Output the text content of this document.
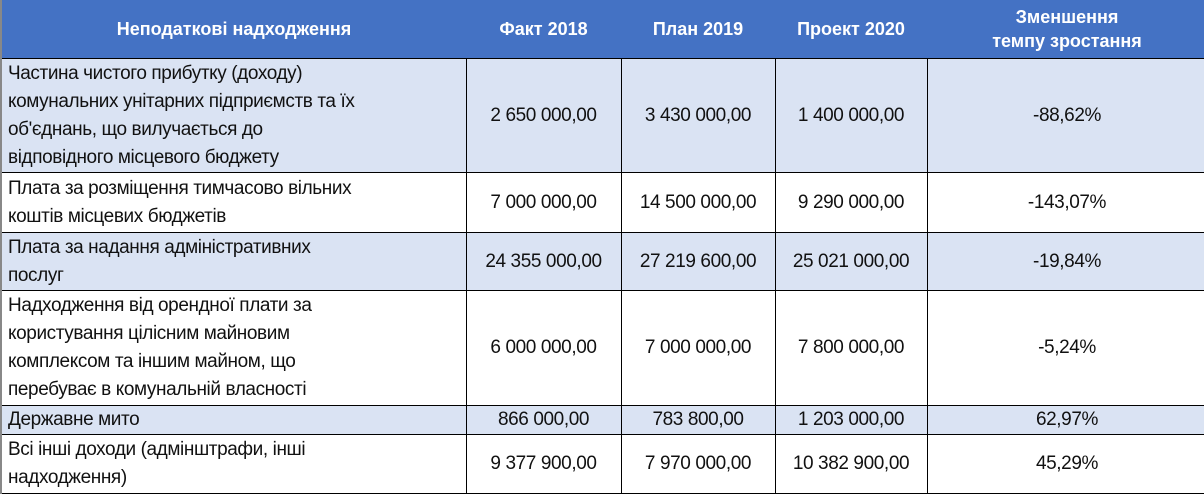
Неподаткові надходження	Факт 2018	План 2019	Проект 2020	Зменшення темпу зростання
Частина чистого прибутку (доходу)
комунальних унітарних підприємств та їх
об'єднань, що вилучається до
відповідного місцевого бюджету	2 650 000,00	3 430 000,00	1 400 000,00	-88,62%
Плата за розміщення тимчасово вільних
коштів місцевих бюджетів	7 000 000,00	14 500 000,00	9 290 000,00	-143,07%
Плата за надання адміністративних
послуг	24 355 000,00	27 219 600,00	25 021 000,00	-19,84%
Надходження від орендної плати за
користування цілісним майновим
комплексом та іншим майном, що
перебуває в комунальній власності	6 000 000,00	7 000 000,00	7 800 000,00	-5,24%
Державне мито	866 000,00	783 800,00	1 203 000,00	62,97%
Всі інші доходи (адмінштрафи, інші
надходження)	9 377 900,00	7 970 000,00	10 382 900,00	45,29%
